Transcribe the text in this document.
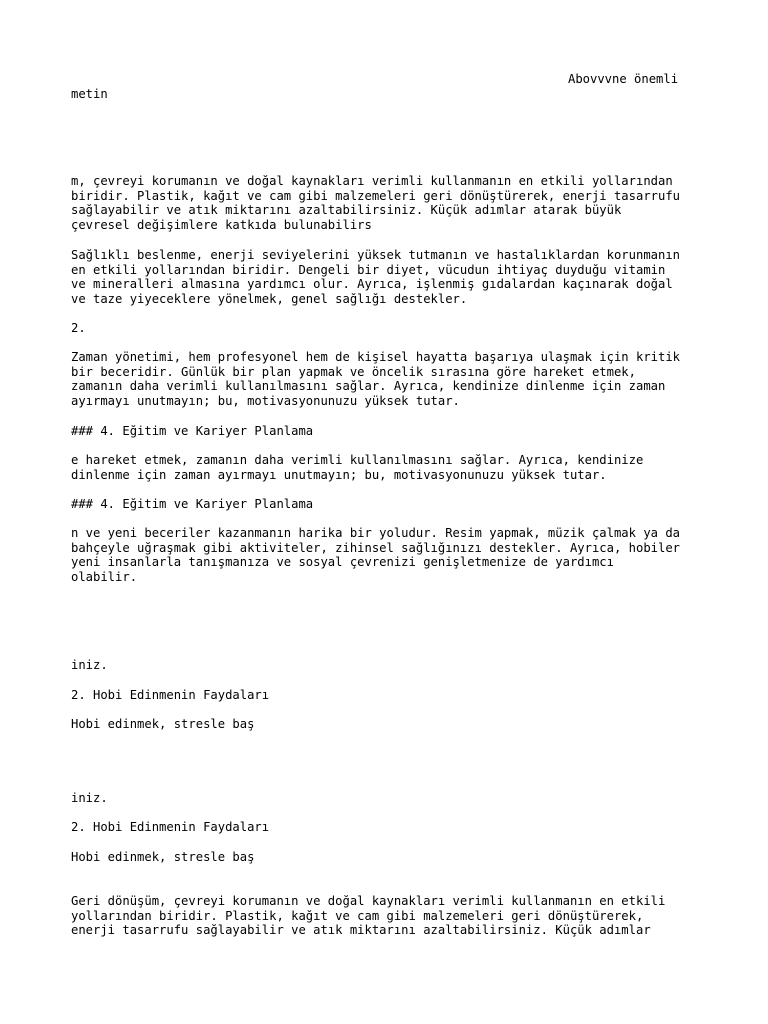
Abovvvne önemli
metin

m, çevreyi korumanın ve doğal kaynakları verimli kullanmanın en etkili yollarından
biridir. Plastik, kağıt ve cam gibi malzemeleri geri dönüştürerek, enerji tasarrufu
sağlayabilir ve atık miktarını azaltabilirsiniz. Küçük adımlar atarak büyük
çevresel değişimlere katkıda bulunabilirs

Sağlıklı beslenme, enerji seviyelerini yüksek tutmanın ve hastalıklardan korunmanın
en etkili yollarından biridir. Dengeli bir diyet, vücudun ihtiyaç duyduğu vitamin
ve mineralleri almasına yardımcı olur. Ayrıca, işlenmiş gıdalardan kaçınarak doğal
ve taze yiyeceklere yönelmek, genel sağlığı destekler.

2.

Zaman yönetimi, hem profesyonel hem de kişisel hayatta başarıya ulaşmak için kritik
bir beceridir. Günlük bir plan yapmak ve öncelik sırasına göre hareket etmek,
zamanın daha verimli kullanılmasını sağlar. Ayrıca, kendinize dinlenme için zaman
ayırmayı unutmayın; bu, motivasyonunuzu yüksek tutar.

### 4. Eğitim ve Kariyer Planlama

e hareket etmek, zamanın daha verimli kullanılmasını sağlar. Ayrıca, kendinize
dinlenme için zaman ayırmayı unutmayın; bu, motivasyonunuzu yüksek tutar.

### 4. Eğitim ve Kariyer Planlama

n ve yeni beceriler kazanmanın harika bir yoludur. Resim yapmak, müzik çalmak ya da
bahçeyle uğraşmak gibi aktiviteler, zihinsel sağlığınızı destekler. Ayrıca, hobiler
yeni insanlarla tanışmanıza ve sosyal çevrenizi genişletmenize de yardımcı
olabilir.

iniz.

2. Hobi Edinmenin Faydaları

Hobi edinmek, stresle baş

iniz.

2. Hobi Edinmenin Faydaları

Hobi edinmek, stresle baş

Geri dönüşüm, çevreyi korumanın ve doğal kaynakları verimli kullanmanın en etkili
yollarından biridir. Plastik, kağıt ve cam gibi malzemeleri geri dönüştürerek,
enerji tasarrufu sağlayabilir ve atık miktarını azaltabilirsiniz. Küçük adımlar
